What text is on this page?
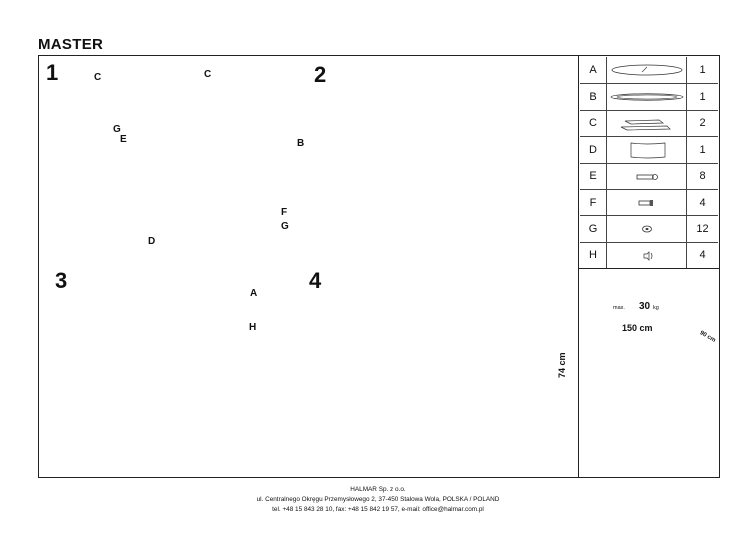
MASTER
1	2
3	4
C	C
G
E
D
B
F
G
A
H
A	1
B	1
C	2
D	1
E	8
F	4
G	12
H	4
max. 30 kg
150 cm
90 cm
74 cm
HALMAR Sp. z o.o.
ul. Centralnego Okręgu Przemysłowego 2, 37-450 Stalowa Wola, POLSKA / POLAND
tel. +48 15 843 28 10, fax: +48 15 842 19 57, e-mail: office@halmar.com.pl
